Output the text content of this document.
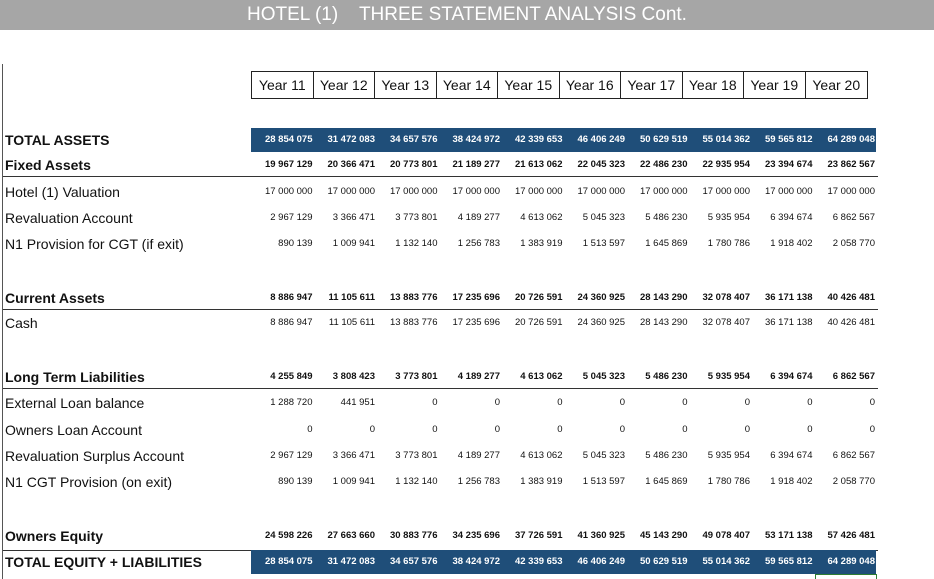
HOTEL (1)    THREE STATEMENT ANALYSIS Cont.
Year 11	Year 12 Year 13 Year 14 Year 15 Year 16 Year 17 Year 18 Year 19	Year 20
TOTAL ASSETS	28 854 075	31 472 083	34 657 576	38 424 972	42 339 653	46 406 249	50 629 519	55 014 362	59 565 812	64 289 048
Fixed Assets	19 967 129	20 366 471	20 773 801	21 189 277	21 613 062	22 045 323	22 486 230	22 935 954	23 394 674	23 862 567
Hotel (1) Valuation	17 000 000	17 000 000	17 000 000	17 000 000	17 000 000	17 000 000	17 000 000	17 000 000	17 000 000	17 000 000
Revaluation Account	2 967 129	3 366 471	3 773 801	4 189 277	4 613 062	5 045 323	5 486 230	5 935 954	6 394 674	6 862 567
N1 Provision for CGT (if exit)	890 139	1 009 941	1 132 140	1 256 783	1 383 919	1 513 597	1 645 869	1 780 786	1 918 402	2 058 770
Current Assets	8 886 947	11 105 611	13 883 776	17 235 696	20 726 591	24 360 925	28 143 290	32 078 407	36 171 138	40 426 481
Cash	8 886 947	11 105 611	13 883 776	17 235 696	20 726 591	24 360 925	28 143 290	32 078 407	36 171 138	40 426 481
Long Term Liabilities	4 255 849	3 808 423	3 773 801	4 189 277	4 613 062	5 045 323	5 486 230	5 935 954	6 394 674	6 862 567
External Loan balance	1 288 720	441 951	0	0	0	0	0	0	0	0
Owners Loan Account	0	0	0	0	0	0	0	0	0	0
Revaluation Surplus Account	2 967 129	3 366 471	3 773 801	4 189 277	4 613 062	5 045 323	5 486 230	5 935 954	6 394 674	6 862 567
N1 CGT Provision (on exit)	890 139	1 009 941	1 132 140	1 256 783	1 383 919	1 513 597	1 645 869	1 780 786	1 918 402	2 058 770
Owners Equity	24 598 226	27 663 660	30 883 776	34 235 696	37 726 591	41 360 925	45 143 290	49 078 407	53 171 138	57 426 481
TOTAL EQUITY + LIABILITIES	28 854 075	31 472 083	34 657 576	38 424 972	42 339 653	46 406 249	50 629 519	55 014 362	59 565 812	64 289 048
